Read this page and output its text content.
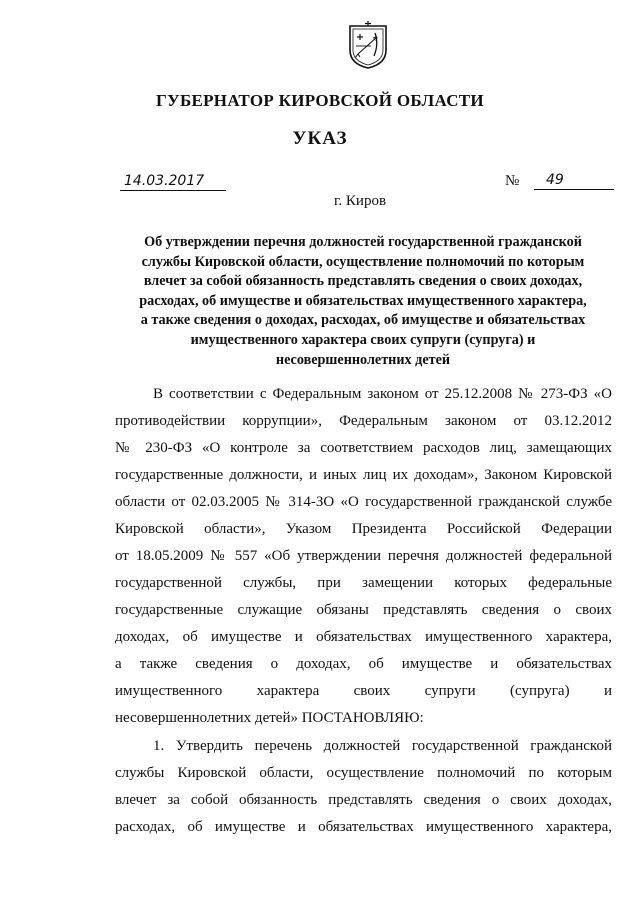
ГУБЕРНАТОР КИРОВСКОЙ ОБЛАСТИ
УКАЗ
14.03.2017	№	49
г. Киров
Об утверждении перечня должностей государственной гражданской
службы Кировской области, осуществление полномочий по которым
влечет за собой обязанность представлять сведения о своих доходах,
расходах, об имуществе и обязательствах имущественного характера,
а также сведения о доходах, расходах, об имуществе и обязательствах
имущественного характера своих супруги (супруга) и
несовершеннолетних детей
В соответствии с Федеральным законом от 25.12.2008 № 273-ФЗ «О
противодействии коррупции», Федеральным законом от 03.12.2012
№ 230-ФЗ «О контроле за соответствием расходов лиц, замещающих
государственные должности, и иных лиц их доходам», Законом Кировской
области от 02.03.2005 № 314-ЗО «О государственной гражданской службе
Кировской области», Указом Президента Российской Федерации
от 18.05.2009 № 557 «Об утверждении перечня должностей федеральной
государственной службы, при замещении которых федеральные
государственные служащие обязаны представлять сведения о своих
доходах, об имуществе и обязательствах имущественного характера,
а также сведения о доходах, об имуществе и обязательствах
имущественного характера своих супруги (супруга) и
несовершеннолетних детей» ПОСТАНОВЛЯЮ:
1. Утвердить перечень должностей государственной гражданской
службы Кировской области, осуществление полномочий по которым
влечет за собой обязанность представлять сведения о своих доходах,
расходах, об имуществе и обязательствах имущественного характера,
